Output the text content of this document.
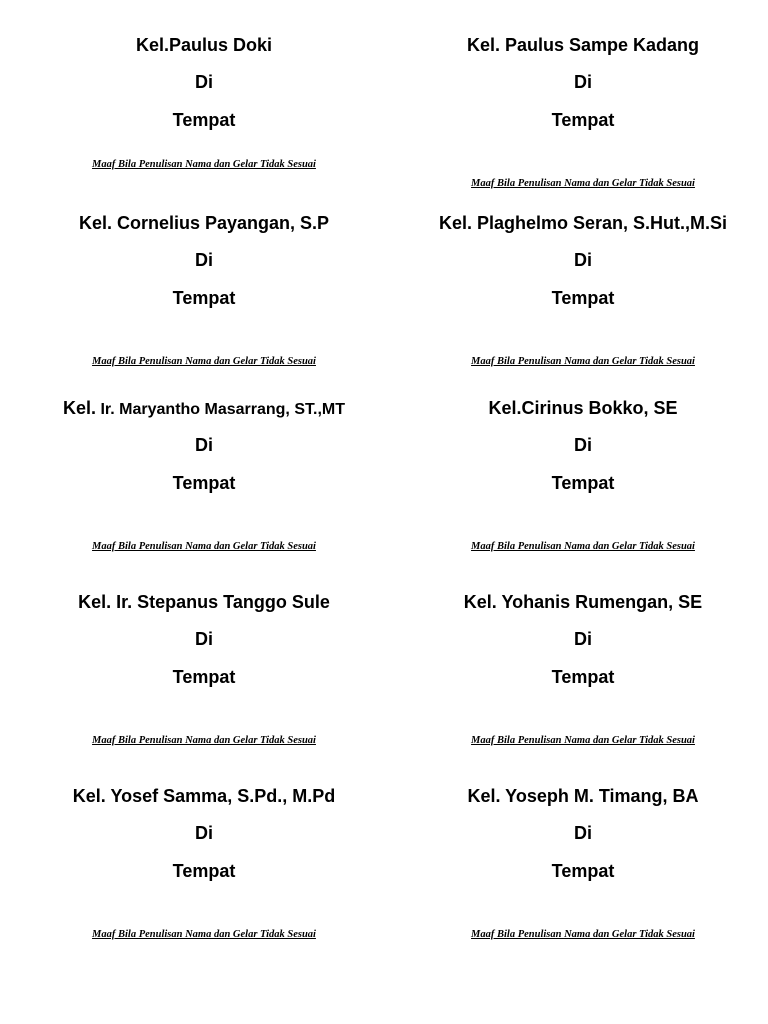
Kel.Paulus Doki
Di
Tempat
Maaf Bila Penulisan Nama dan Gelar Tidak Sesuai
Kel. Paulus Sampe Kadang
Di
Tempat
Maaf Bila Penulisan Nama dan Gelar Tidak Sesuai
Kel. Cornelius Payangan, S.P
Di
Tempat
Maaf Bila Penulisan Nama dan Gelar Tidak Sesuai
Kel. Plaghelmo Seran, S.Hut.,M.Si
Di
Tempat
Maaf Bila Penulisan Nama dan Gelar Tidak Sesuai
Kel. Ir. Maryantho Masarrang, ST.,MT
Di
Tempat
Maaf Bila Penulisan Nama dan Gelar Tidak Sesuai
Kel.Cirinus Bokko, SE
Di
Tempat
Maaf Bila Penulisan Nama dan Gelar Tidak Sesuai
Kel. Ir. Stepanus Tanggo Sule
Di
Tempat
Maaf Bila Penulisan Nama dan Gelar Tidak Sesuai
Kel. Yohanis Rumengan, SE
Di
Tempat
Maaf Bila Penulisan Nama dan Gelar Tidak Sesuai
Kel. Yosef Samma, S.Pd., M.Pd
Di
Tempat
Maaf Bila Penulisan Nama dan Gelar Tidak Sesuai
Kel. Yoseph M. Timang, BA
Di
Tempat
Maaf Bila Penulisan Nama dan Gelar Tidak Sesuai
